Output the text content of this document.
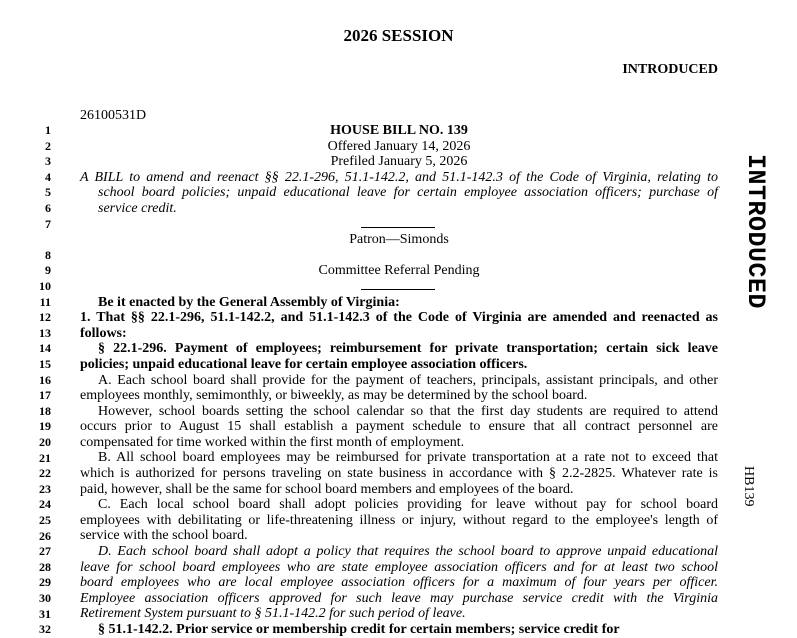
2026 SESSION
INTRODUCED
26100531D
INTRODUCED
HB139
1
2
3
4
5
6
7
8
9
10
11
12
13
14
15
16
17
18
19
20
21
22
23
24
25
26
27
28
29
30
31
32
HOUSE BILL NO. 139
Offered January 14, 2026
Prefiled January 5, 2026
A BILL to amend and reenact §§ 22.1-296, 51.1-142.2, and 51.1-142.3 of the Code of Virginia, relating to
school board policies; unpaid educational leave for certain employee association officers; purchase of
service credit.
Patron—Simonds
Committee Referral Pending
Be it enacted by the General Assembly of Virginia:
1. That §§ 22.1-296, 51.1-142.2, and 51.1-142.3 of the Code of Virginia are amended and reenacted as
follows:
§ 22.1-296. Payment of employees; reimbursement for private transportation; certain sick leave
policies; unpaid educational leave for certain employee association officers.
A. Each school board shall provide for the payment of teachers, principals, assistant principals, and other
employees monthly, semimonthly, or biweekly, as may be determined by the school board.
However, school boards setting the school calendar so that the first day students are required to attend
occurs prior to August 15 shall establish a payment schedule to ensure that all contract personnel are
compensated for time worked within the first month of employment.
B. All school board employees may be reimbursed for private transportation at a rate not to exceed that
which is authorized for persons traveling on state business in accordance with § 2.2-2825. Whatever rate is
paid, however, shall be the same for school board members and employees of the board.
C. Each local school board shall adopt policies providing for leave without pay for school board
employees with debilitating or life-threatening illness or injury, without regard to the employee's length of
service with the school board.
D. Each school board shall adopt a policy that requires the school board to approve unpaid educational
leave for school board employees who are state employee association officers and for at least two school
board employees who are local employee association officers for a maximum of four years per officer.
Employee association officers approved for such leave may purchase service credit with the Virginia
Retirement System pursuant to § 51.1-142.2 for such period of leave.
§ 51.1-142.2. Prior service or membership credit for certain members; service credit for
